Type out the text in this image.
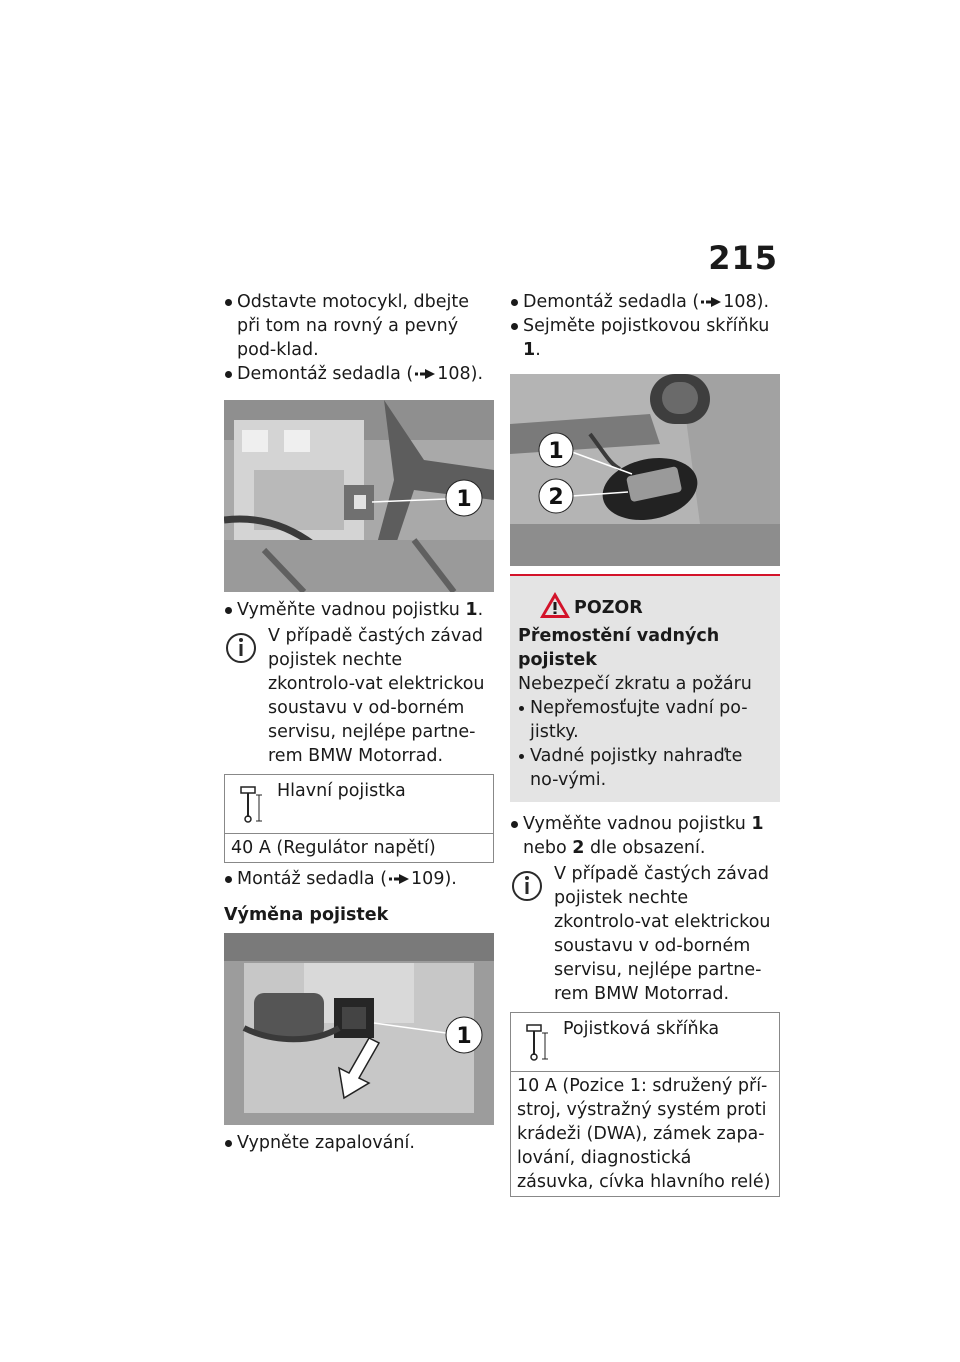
215
Odstavte motocykl, dbejte při tom na rovný a pevný pod-klad.
Demontáž sedadla ( 108).
1
Vyměňte vadnou pojistku 1.
V případě častých závad pojistek nechte zkontrolo-vat elektrickou soustavu v od-borném servisu, nejlépe partne-rem BMW Motorrad.
Hlavní pojistka
40 A (Regulátor napětí)
Montáž sedadla ( 109).
Výměna pojistek
1
Vypněte zapalování.
Demontáž sedadla ( 108).
Sejměte pojistkovou skříňku 1.
1
2
POZOR
Přemostění vadných pojistek
Nebezpečí zkratu a požáru
Nepřemosťujte vadní po-jistky.
Vadné pojistky nahraďte no-vými.
Vyměňte vadnou pojistku 1 nebo 2 dle obsazení.
V případě častých závad pojistek nechte zkontrolo-vat elektrickou soustavu v od-borném servisu, nejlépe partne-rem BMW Motorrad.
Pojistková skříňka
10 A (Pozice 1: sdružený pří-stroj, výstražný systém proti krádeži (DWA), zámek zapa-lování, diagnostická zásuvka, cívka hlavního relé)
